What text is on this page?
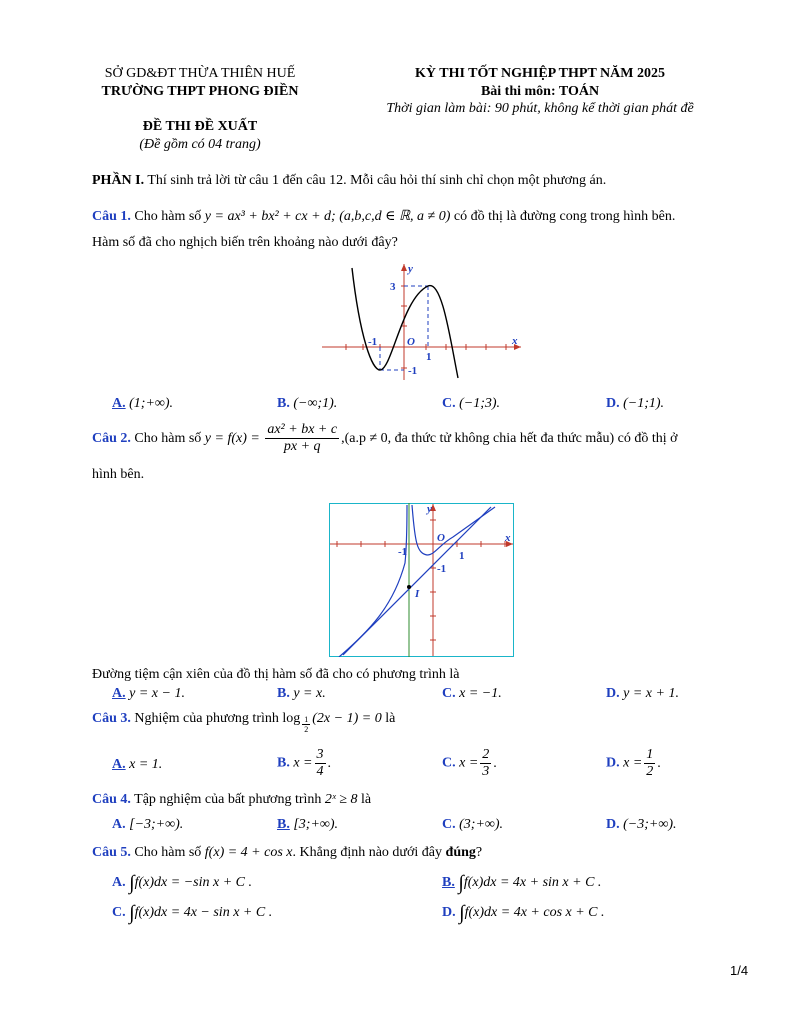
SỞ GD&ĐT THỪA THIÊN HUẾ
TRƯỜNG THPT PHONG ĐIỀN
ĐỀ THI ĐỀ XUẤT
(Đề gồm có 04 trang)
KỲ THI TỐT NGHIỆP THPT NĂM 2025
Bài thi môn: TOÁN
Thời gian làm bài: 90 phút, không kể thời gian phát đề
PHẦN I. Thí sinh trả lời từ câu 1 đến câu 12. Mỗi câu hỏi thí sinh chỉ chọn một phương án.
Câu 1. Cho hàm số y = ax³ + bx² + cx + d; (a,b,c,d ∈ ℝ, a ≠ 0) có đồ thị là đường cong trong hình bên.
Hàm số đã cho nghịch biến trên khoảng nào dưới đây?
y
x
3
-1	O
1
-1
A. (1;+∞).	B. (−∞;1).	C. (−1;3).	D. (−1;1).
Câu 2. Cho hàm số $y = f(x) = \frac{\text{ax² + bx + c}}{px + q} ,(a.p \ne 0$, đa thức tử không chia hết đa thức mẫu) có đồ thị ở
hình bên.
y
x
O
-1	1
-1
I
Đường tiệm cận xiên của đồ thị hàm số đã cho có phương trình là
A. y = x − 1.	B. y = x.	C. x = −1.	D. y = x + 1.
Câu 3. Nghiệm của phương trình $\log \frac{1}{2} (2x - 1) = 0$ là
A. x = 1.	B. $x = \frac{3}{4}$ .	C. $x = \frac{2}{3}$ .	D. $x = \frac{1}{2}$ .
Câu 4. Tập nghiệm của bất phương trình 2ˣ ≥ 8 là
A. [−3;+∞).	B. [3;+∞).	C. (3;+∞).	D. (−3;+∞).
Câu 5. Cho hàm số f(x) = 4 + cos x. Khẳng định nào dưới đây đúng?
A. ∫f(x)dx = −sin x + C .	B. ∫f(x)dx = 4x + sin x + C .
C. ∫f(x)dx = 4x − sin x + C .	D. ∫f(x)dx = 4x + cos x + C .
1/4
